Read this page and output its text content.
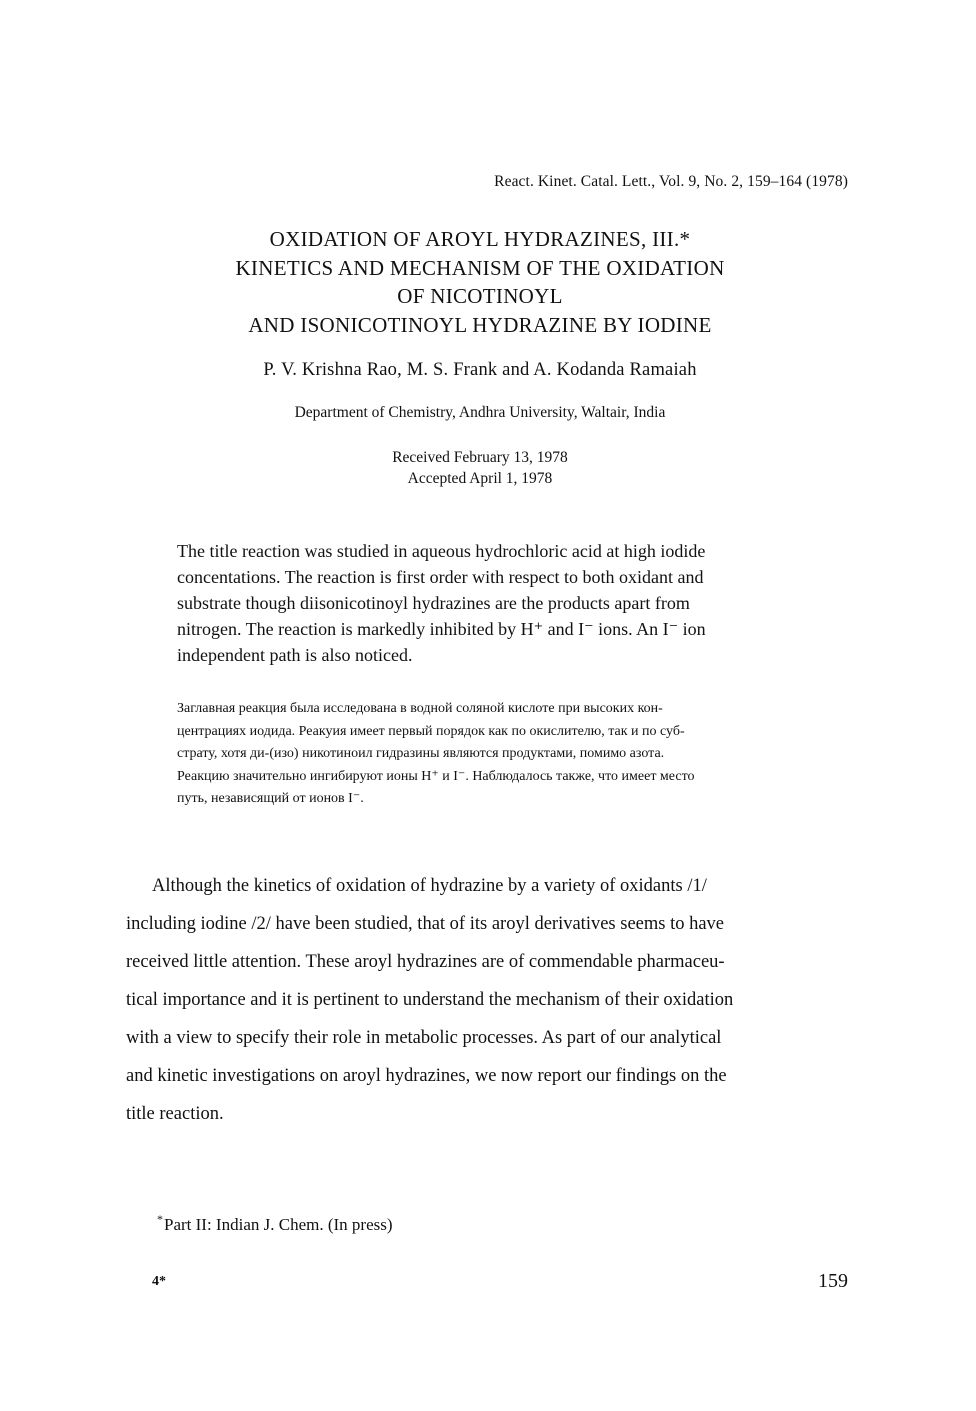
React. Kinet. Catal. Lett., Vol. 9, No. 2, 159–164 (1978)
OXIDATION OF AROYL HYDRAZINES, III.*
KINETICS AND MECHANISM OF THE OXIDATION
OF NICOTINOYL
AND ISONICOTINOYL HYDRAZINE BY IODINE
P. V. Krishna Rao, M. S. Frank and A. Kodanda Ramaiah
Department of Chemistry, Andhra University, Waltair, India
Received February 13, 1978
Accepted April 1, 1978
The title reaction was studied in aqueous hydrochloric acid at high iodide
concentations. The reaction is first order with respect to both oxidant and
substrate though diisonicotinoyl hydrazines are the products apart from
nitrogen. The reaction is markedly inhibited by H⁺ and I⁻ ions. An I⁻ ion
independent path is also noticed.
Заглавная реакция была исследована в водной соляной кислоте при высоких кон-
центрациях иодида. Реакуия имеет первый порядок как по окислителю, так и по суб-
страту, хотя ди-(изо) никотиноил гидразины являются продуктами, помимо азота.
Реакцию значительно ингибируют ионы H⁺ и I⁻. Наблюдалось также, что имеет место
путь, независящий от ионов I⁻.
Although the kinetics of oxidation of hydrazine by a variety of oxidants /1/
including iodine /2/ have been studied, that of its aroyl derivatives seems to have
received little attention. These aroyl hydrazines are of commendable pharmaceu-
tical importance and it is pertinent to understand the mechanism of their oxidation
with a view to specify their role in metabolic processes. As part of our analytical
and kinetic investigations on aroyl hydrazines, we now report our findings on the
title reaction.
*Part II: Indian J. Chem. (In press)
4*	159
